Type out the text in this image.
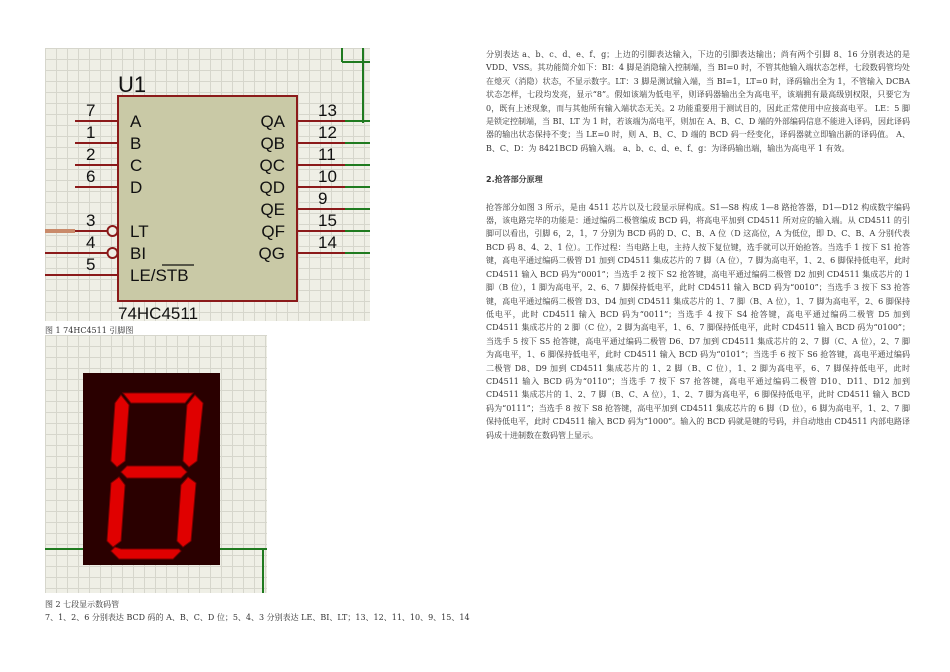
U1
7
1
2
6
3
4
5
A
B
C
D
LT
BI
LE/STB
QA
QB
QC
QD
QE
QF
QG
13
12
11
10
9
15
14
74HC4511
图 1 74HC4511 引脚图
图 2 七段显示数码管
7、1、2、6 分别表达 BCD 码的 A、B、C、D 位；5、4、3 分别表达 LE、BI、LT；13、12、11、10、9、15、14

分别表达 a、b、c、d、e、f、g；上边的引脚表达输入，下边的引脚表达输出；尚有两个引脚 8、16 分别表达的是 VDD、VSS。其功能简介如下：BI：4 脚是消隐输入控制端，当 BI=0 时，不管其他输入端状态怎样，七段数码管均处在熄灭（消隐）状态，不显示数字。LT：3 脚是测试输入端，当 BI=1，LT=0 时，译码输出全为 1，不管输入 DCBA 状态怎样，七段均发亮，显示“8”。假如该端为低电平，则译码器输出全为高电平，该端拥有最高级别权限，只要它为 0，既有上述现象，而与其他所有输入端状态无关。2 功能重要用于测试目的，因此正常使用中应接高电平。 LE：5 脚是锁定控制端，当 BI、LT 为 1 时，若该端为高电平，则加在 A、B、C、D 端的外部编码信息不能进入译码，因此译码器的输出状态保持不变；当 LE=0 时，则 A、B、C、D 端的 BCD 码一经变化，译码器就立即输出新的译码值。 A、B、C、D：为 8421BCD 码输入端。 a、b、c、d、e、f、g：为译码输出端，输出为高电平 1 有效。

2.抢答部分原理

抢答部分如图 3 所示，是由 4511 芯片以及七段显示屏构成。S1—S8 构成 1—8 路抢答器，D1—D12 构成数字编码器，该电路完毕的功能是：通过编码二极管编成 BCD 码，将高电平加到 CD4511 所对应的输入端。从 CD4511 的引脚可以看出，引脚 6，2，1，7 分别为 BCD 码的 D、C、B、A 位（D 这高位，A 为低位，即 D、C、B、A 分别代表 BCD 码 8、4、2、1 位）。工作过程：当电路上电，主持人按下复位键，选手就可以开始抢答。当选手 1 按下 S1 抢答键，高电平通过编码二极管 D1 加到 CD4511 集成芯片的 7 脚（A 位），7 脚为高电平，1、2、6 脚保持低电平，此时 CD4511 输入 BCD 码为“0001”；当选手 2 按下 S2 抢答键，高电平通过编码二极管 D2 加到 CD4511 集成芯片的 1 脚（B 位），1 脚为高电平，2、6、7 脚保持低电平，此时 CD4511 输入 BCD 码为“0010”；当选手 3 按下 S3 抢答键，高电平通过编码二极管 D3、D4 加到 CD4511 集成芯片的 1、7 脚（B、A 位），1、7 脚为高电平，2、6 脚保持低电平，此时 CD4511 输入 BCD 码为“0011”；当选手 4 按下 S4 抢答键，高电平通过编码二极管 D5 加到 CD4511 集成芯片的 2 脚（C 位），2 脚为高电平，1、6、7 脚保持低电平，此时 CD4511 输入 BCD 码为“0100”；当选手 5 按下 S5 抢答键，高电平通过编码二极管 D6、D7 加到 CD4511 集成芯片的 2、7 脚（C、A 位），2、7 脚为高电平，1、6 脚保持低电平，此时 CD4511 输入 BCD 码为“0101”；当选手 6 按下 S6 抢答键，高电平通过编码二极管 D8、D9 加到 CD4511 集成芯片的 1、2 脚（B、C 位），1、2 脚为高电平，6、7 脚保持低电平，此时 CD4511 输入 BCD 码为“0110”；当选手 7 按下 S7 抢答键，高电平通过编码二极管 D10、D11、D12 加到 CD4511 集成芯片的 1、2、7 脚（B、C、A 位），1、2、7 脚为高电平，6 脚保持低电平，此时 CD4511 输入 BCD 码为“0111”；当选手 8 按下 S8 抢答键，高电平加到 CD4511 集成芯片的 6 脚（D 位），6 脚为高电平，1、2、7 脚保持低电平，此时 CD4511 输入 BCD 码为“1000”。输入的 BCD 码就是键的号码，并自动地由 CD4511 内部电路译码成十进制数在数码管上显示。
